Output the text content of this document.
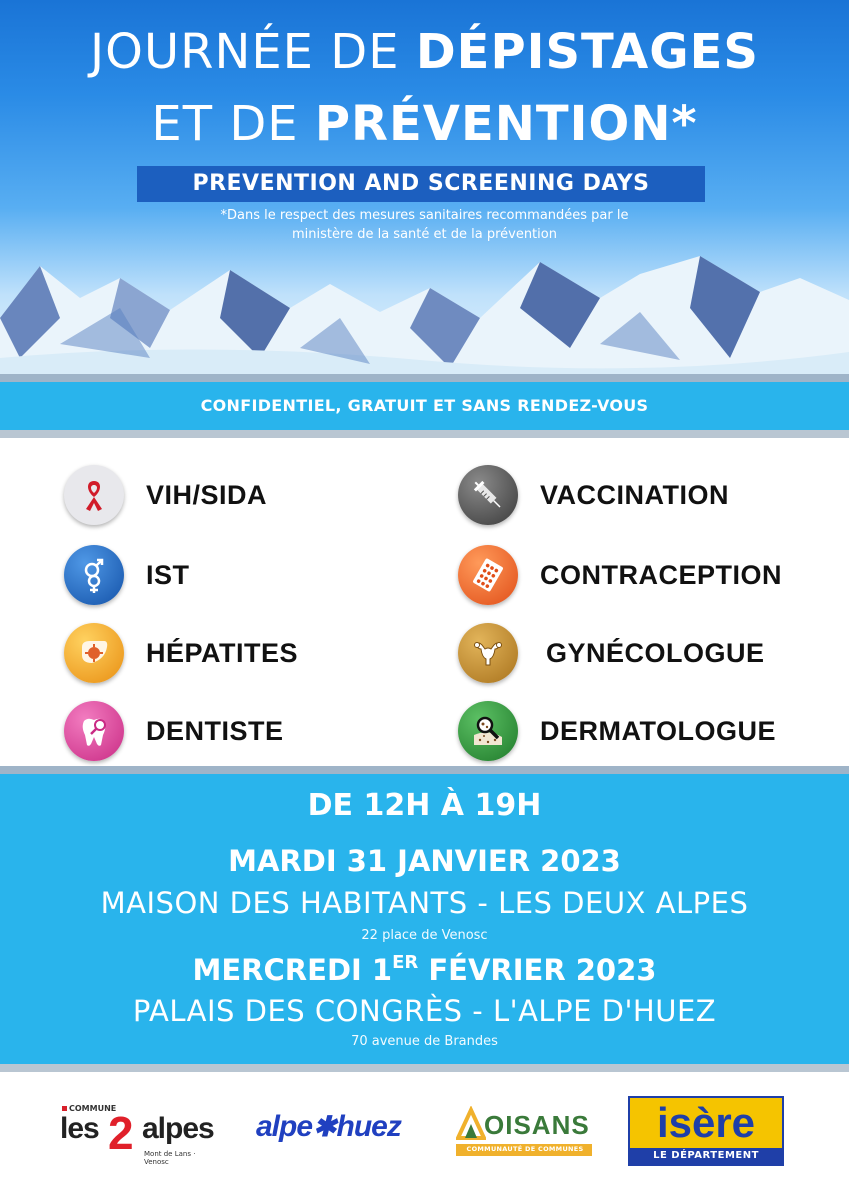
JOURNÉE DE DÉPISTAGES
ET DE PRÉVENTION*
PREVENTION AND SCREENING DAYS
*Dans le respect des mesures sanitaires recommandées par le
ministère de la santé et de la prévention
CONFIDENTIEL, GRATUIT ET SANS RENDEZ-VOUS
VIH/SIDA
IST
HÉPATITES
DENTISTE
VACCINATION
CONTRACEPTION
GYNÉCOLOGUE
DERMATOLOGUE
DE 12H À 19H
MARDI 31 JANVIER 2023
MAISON DES HABITANTS - LES DEUX ALPES
22 place de Venosc
MERCREDI 1ER FÉVRIER 2023
PALAIS DES CONGRÈS - L'ALPE D'HUEZ
70 avenue de Brandes
COMMUNE
les 2 alpes
Mont de Lans · Venosc
alpe✱huez	OISANS
COMMUNAUTÉ DE COMMUNES
isère
LE DÉPARTEMENT
